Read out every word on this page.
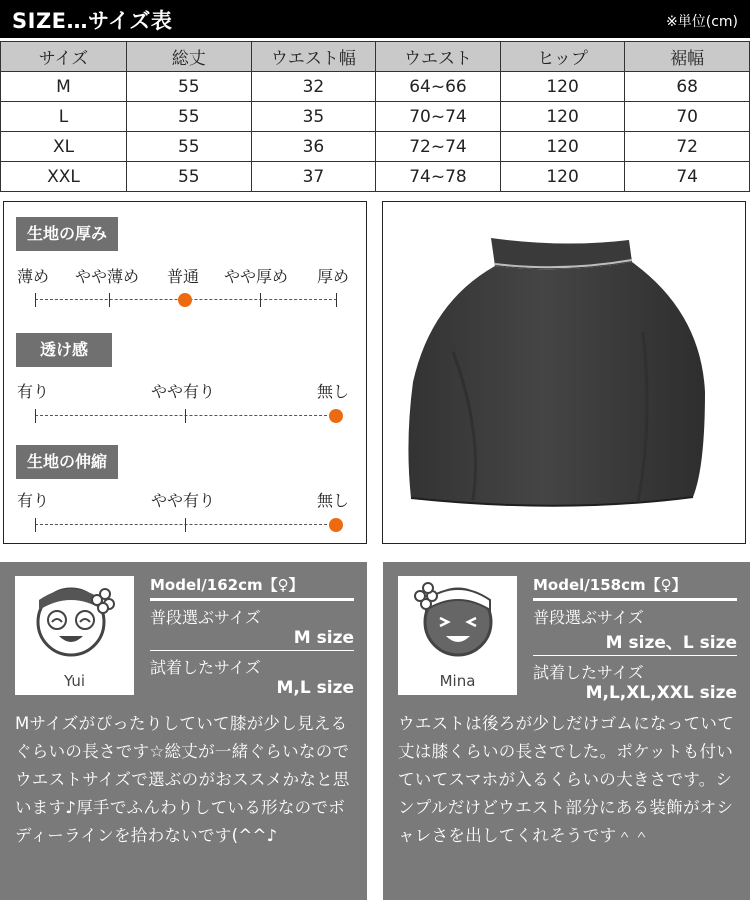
SIZE…サイズ表	※単位(cm)
サイズ	総丈	ウエスト幅	ウエスト	ヒップ	裾幅
M	55	32	64~66	120	68
L	55	35	70~74	120	70
XL	55	36	72~74	120	72
XXL	55	37	74~78	120	74
生地の厚み
薄め やや薄め 普通 やや厚め 厚め
透け感
有り	やや有り	無し
生地の伸縮
有り	やや有り	無し
Yui
Model/162cm【♀】
普段選ぶサイズ
M size
試着したサイズ
M,L size
Mサイズがぴったりしていて膝が少し見えるぐらいの長さです☆総丈が一緒ぐらいなのでウエストサイズで選ぶのがおススメかなと思います♪厚手でふんわりしている形なのでボディーラインを拾わないです(^^♪
Mina
Model/158cm【♀】
普段選ぶサイズ
M size、L size
試着したサイズ
M,L,XL,XXL size
ウエストは後ろが少しだけゴムになっていて丈は膝くらいの長さでした。ポケットも付いていてスマホが入るくらいの大きさです。シンプルだけどウエスト部分にある装飾がオシャレさを出してくれそうです＾＾
